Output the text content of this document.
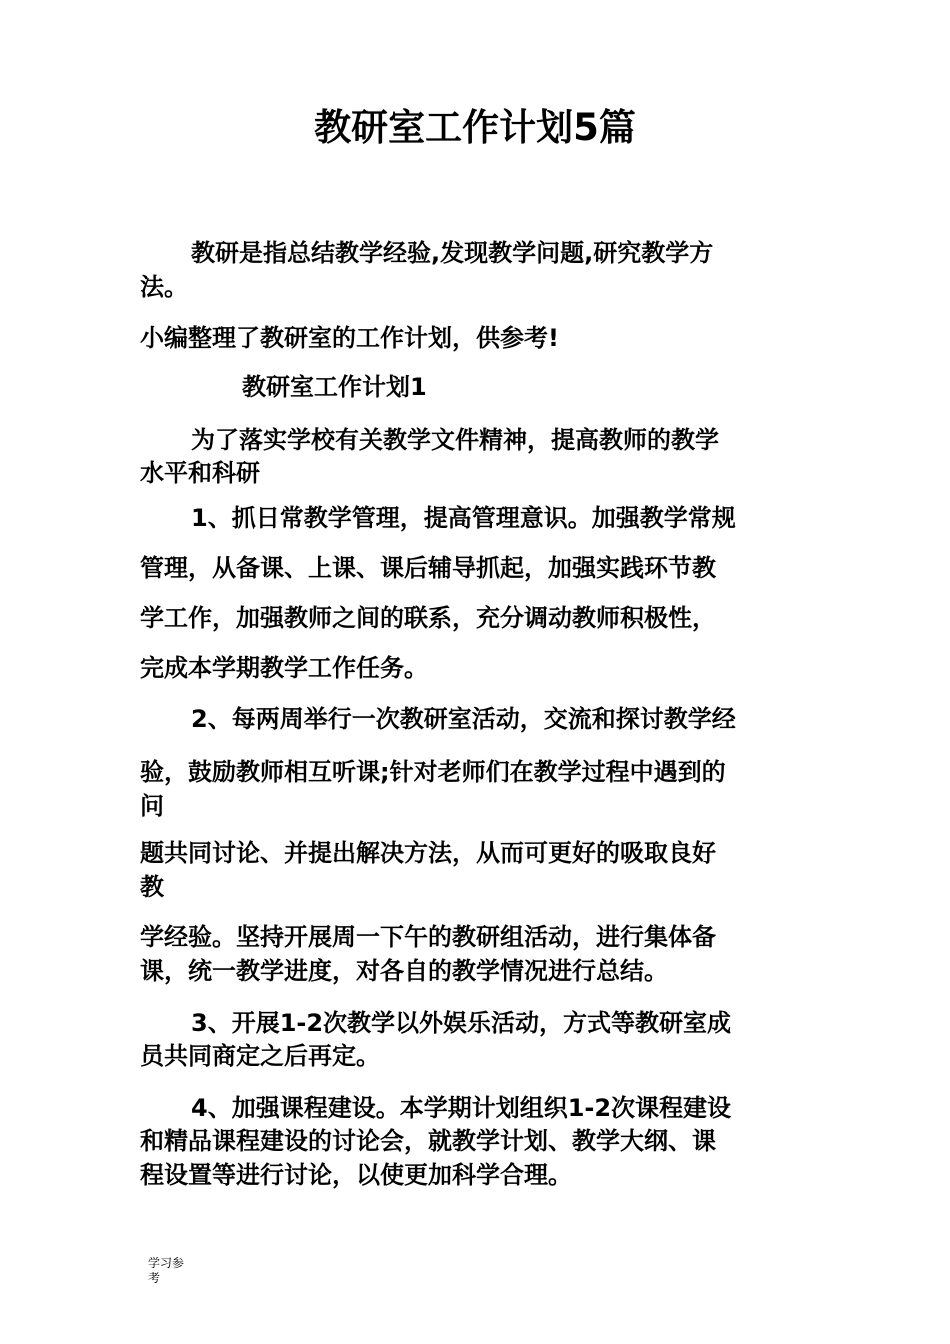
教研室工作计划5篇
教研是指总结教学经验,发现教学问题,研究教学方
法。
小编整理了教研室的工作计划，供参考!
教研室工作计划1
为了落实学校有关教学文件精神，提高教师的教学
水平和科研
1、抓日常教学管理，提高管理意识。加强教学常规
管理，从备课、上课、课后辅导抓起，加强实践环节教
学工作，加强教师之间的联系，充分调动教师积极性，
完成本学期教学工作任务。
2、每两周举行一次教研室活动，交流和探讨教学经
验，鼓励教师相互听课;针对老师们在教学过程中遇到的
问
题共同讨论、并提出解决方法，从而可更好的吸取良好
教
学经验。坚持开展周一下午的教研组活动，进行集体备
课，统一教学进度，对各自的教学情况进行总结。
3、开展1-2次教学以外娱乐活动，方式等教研室成
员共同商定之后再定。
4、加强课程建设。本学期计划组织1-2次课程建设
和精品课程建设的讨论会，就教学计划、教学大纲、课
程设置等进行讨论，以使更加科学合理。
学习参
考
